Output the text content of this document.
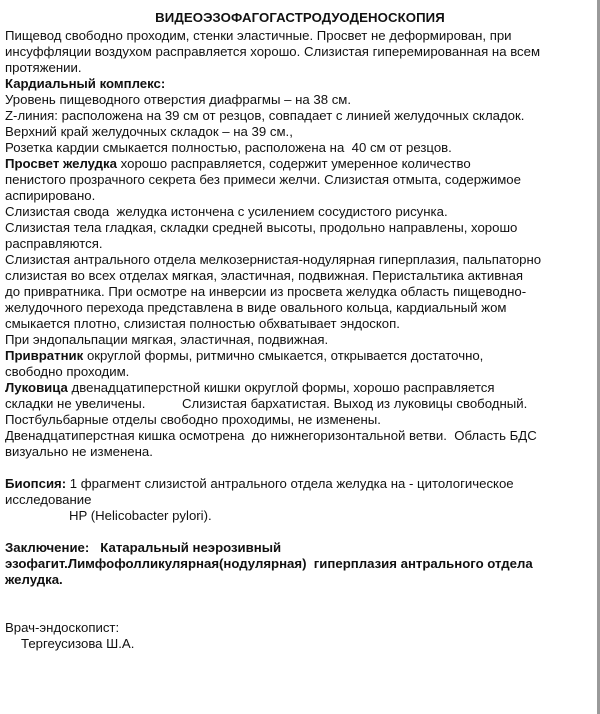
ВИДЕОЭЗОФАГОГАСТРОДУОДЕНОСКОПИЯ
Пищевод свободно проходим, стенки эластичные. Просвет не деформирован, при
инсуффляции воздухом расправляется хорошо. Слизистая гиперемированная на всем
протяжении.
Кардиальный комплекс:
Уровень пищеводного отверстия диафрагмы – на 38 см.
Z-линия: расположена на 39 см от резцов, совпадает с линией желудочных складок.
Верхний край желудочных складок – на 39 см.,
Розетка кардии смыкается полностью, расположена на  40 см от резцов.
Просвет желудка хорошо расправляется, содержит умеренное количество
пенистого прозрачного секрета без примеси желчи. Слизистая отмыта, содержимое
аспирировано.
Слизистая свода  желудка истончена с усилением сосудистого рисунка.
Слизистая тела гладкая, складки средней высоты, продольно направлены, хорошо
расправляются.
Слизистая антрального отдела мелкозернистая-нодулярная гиперплазия, пальпаторно
слизистая во всех отделах мягкая, эластичная, подвижная. Перистальтика активная
до привратника. При осмотре на инверсии из просвета желудка область пищеводно-
желудочного перехода представлена в виде овального кольца, кардиальный жом
смыкается плотно, слизистая полностью обхватывает эндоскоп.
При эндопальпации мягкая, эластичная, подвижная.
Привратник округлой формы, ритмично смыкается, открывается достаточно,
свободно проходим.
Луковица двенадцатиперстной кишки округлой формы, хорошо расправляется
складки не увеличены.          Слизистая бархатистая. Выход из луковицы свободный.
Постбульбарные отделы свободно проходимы, не изменены.
Двенадцатиперстная кишка осмотрена  до нижнегоризонтальной ветви.  Область БДС
визуально не изменена.
Биопсия: 1 фрагмент слизистой антрального отдела желудка на - цитологическое
исследование
HP (Helicobacter pylori).
Заключение:   Катаральный неэрозивный
эзофагит.Лимфофолликулярная(нодулярная)  гиперплазия антрального отдела
желудка.
Врач-эндоскопист:
Тергеусизова Ш.А.
